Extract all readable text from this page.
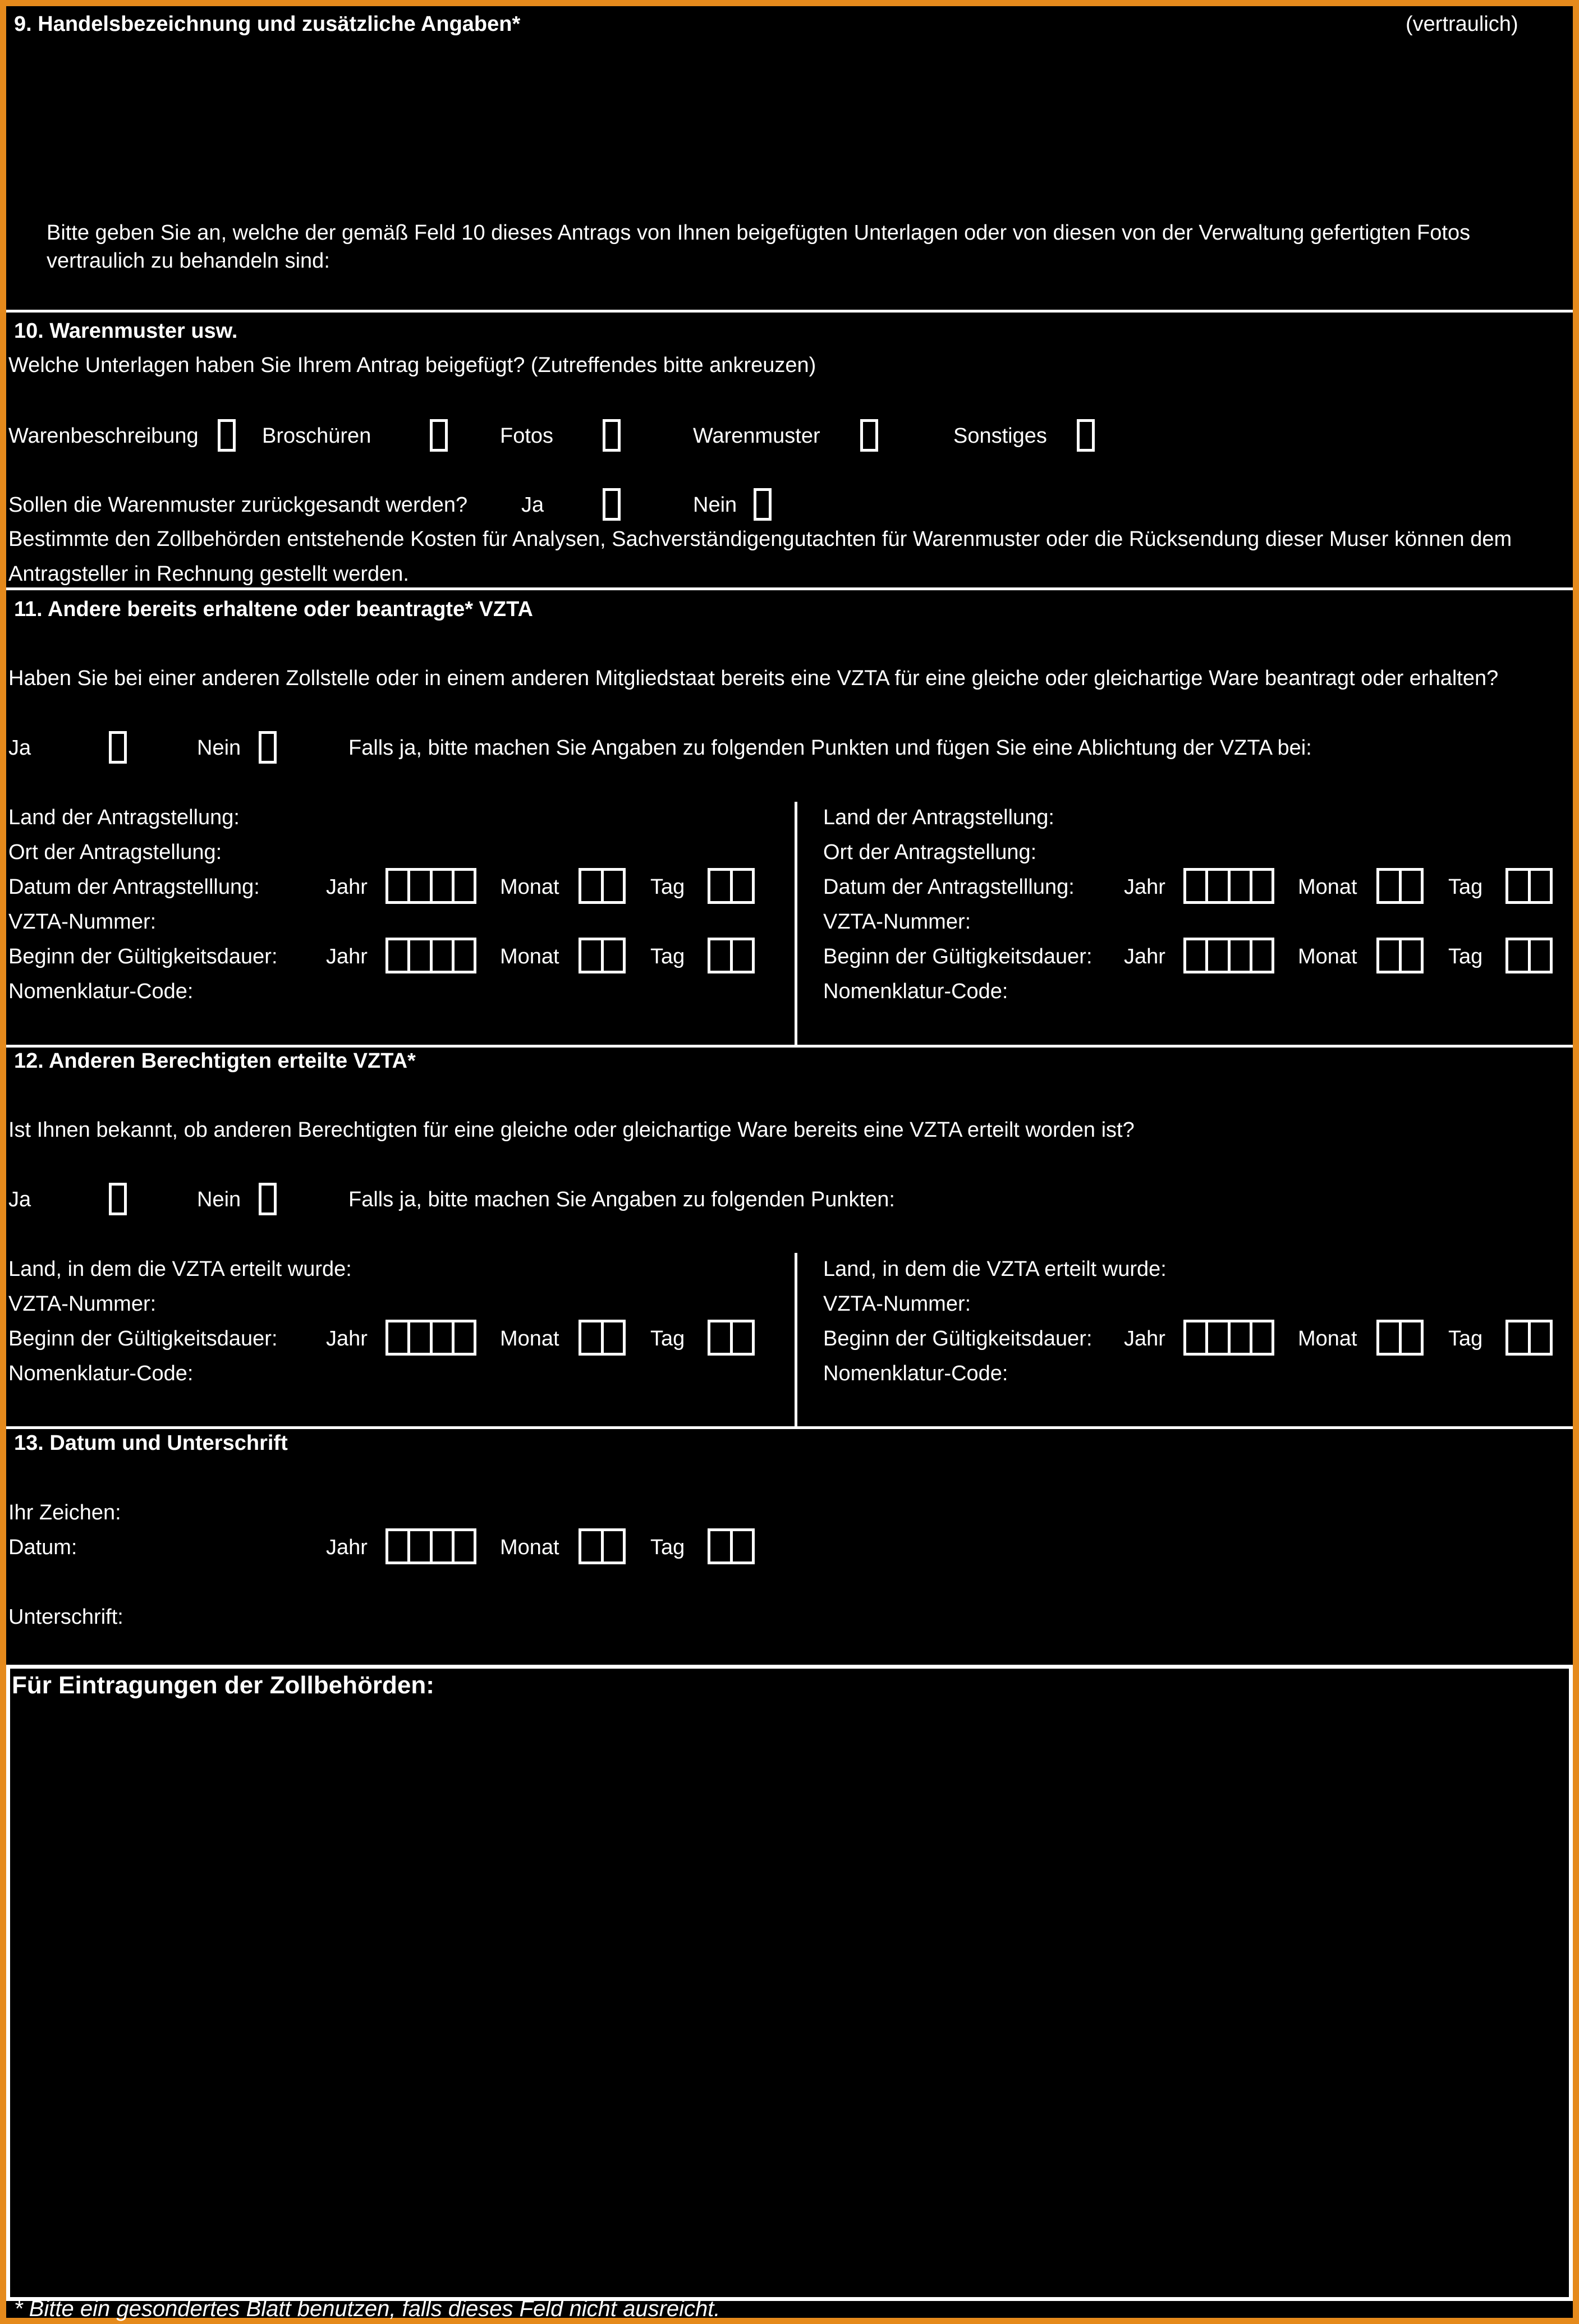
9. Handelsbezeichnung und zusätzliche Angaben*	(vertraulich)
Bitte geben Sie an, welche der gemäß Feld 10 dieses Antrags von Ihnen beigefügten Unterlagen oder von diesen von der Verwaltung gefertigten Fotos
vertraulich zu behandeln sind:
10. Warenmuster usw.
Welche Unterlagen haben Sie Ihrem Antrag beigefügt? (Zutreffendes bitte ankreuzen)
Warenbeschreibung	Broschüren	Fotos	Warenmuster	Sonstiges
Sollen die Warenmuster zurückgesandt werden?	Ja	Nein
Bestimmte den Zollbehörden entstehende Kosten für Analysen, Sachverständigengutachten für Warenmuster oder die Rücksendung dieser Muser können dem
Antragsteller in Rechnung gestellt werden.
11. Andere bereits erhaltene oder beantragte* VZTA
Haben Sie bei einer anderen Zollstelle oder in einem anderen Mitgliedstaat bereits eine VZTA für eine gleiche oder gleichartige Ware beantragt oder erhalten?
Ja	Nein	Falls ja, bitte machen Sie Angaben zu folgenden Punkten und fügen Sie eine Ablichtung der VZTA bei:
Land der Antragstellung:
Ort der Antragstellung:
Datum der Antragstelllung:	Jahr	Monat	Tag
VZTA-Nummer:
Beginn der Gültigkeitsdauer: Jahr	Monat	Tag
Nomenklatur-Code:
Land der Antragstellung:
Ort der Antragstellung:
Datum der Antragstelllung: Jahr	Monat	Tag
VZTA-Nummer:
Beginn der Gültigkeitsdauer: Jahr	Monat	Tag
Nomenklatur-Code:
12. Anderen Berechtigten erteilte VZTA*
Ist Ihnen bekannt, ob anderen Berechtigten für eine gleiche oder gleichartige Ware bereits eine VZTA erteilt worden ist?
Ja	Nein	Falls ja, bitte machen Sie Angaben zu folgenden Punkten:
Land, in dem die VZTA erteilt wurde:
VZTA-Nummer:
Beginn der Gültigkeitsdauer: Jahr	Monat	Tag
Nomenklatur-Code:
Land, in dem die VZTA erteilt wurde:
VZTA-Nummer:
Beginn der Gültigkeitsdauer: Jahr	Monat	Tag
Nomenklatur-Code:
13. Datum und Unterschrift
Ihr Zeichen:
Datum:	Jahr	Monat	Tag
Unterschrift:
Für Eintragungen der Zollbehörden:
* Bitte ein gesondertes Blatt benutzen, falls dieses Feld nicht ausreicht.
